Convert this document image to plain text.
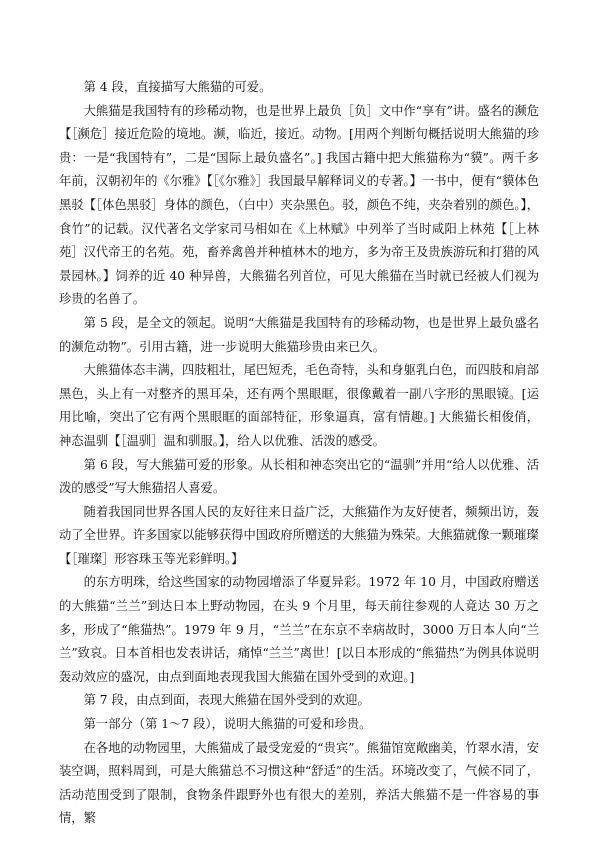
第 4 段，直接描写大熊猫的可爱。

大熊猫是我国特有的珍稀动物，也是世界上最负［负］文中作“享有”讲。盛名的濒危【［濒危］接近危险的境地。濒，临近，接近。动物。[用两个判断句概括说明大熊猫的珍贵：一是“我国特有”，二是“国际上最负盛名”。] 我国古籍中把大熊猫称为“貘”。两千多年前，汉朝初年的《尔雅》【［《尔雅》］我国最早解释词义的专著。】一书中，便有“貘体色黑驳【［体色黑驳］身体的颜色，（白中）夹杂黑色。驳，颜色不纯，夹杂着别的颜色。】，食竹”的记载。汉代著名文学家司马相如在《上林赋》中列举了当时咸阳上林苑【［上林苑］汉代帝王的名苑。苑，畜养禽兽并种植林木的地方，多为帝王及贵族游玩和打猎的风景园林。】饲养的近 40 种异兽，大熊猫名列首位，可见大熊猫在当时就已经被人们视为珍贵的名兽了。

第 5 段，是全文的领起。说明“大熊猫是我国特有的珍稀动物，也是世界上最负盛名的濒危动物”。引用古籍，进一步说明大熊猫珍贵由来已久。

大熊猫体态丰满，四肢粗壮，尾巴短秃，毛色奇特，头和身躯乳白色，而四肢和肩部黑色，头上有一对整齐的黑耳朵，还有两个黑眼眶，很像戴着一副八字形的黑眼镜。[运用比喻，突出了它有两个黑眼眶的面部特征，形象逼真，富有情趣。] 大熊猫长相俊俏，神态温驯【［温驯］温和驯服。】，给人以优雅、活泼的感受。

第 6 段，写大熊猫可爱的形象。从长相和神态突出它的“温驯”并用“给人以优雅、活泼的感受”写大熊猫招人喜爱。

随着我国同世界各国人民的友好往来日益广泛，大熊猫作为友好使者，频频出访，轰动了全世界。许多国家以能够获得中国政府所赠送的大熊猫为殊荣。大熊猫就像一颗璀璨

【［璀璨］形容珠玉等光彩鲜明。】

的东方明珠，给这些国家的动物园增添了华夏异彩。1972 年 10 月，中国政府赠送的大熊猫“兰兰”到达日本上野动物园，在头 9 个月里，每天前往参观的人竟达 30 万之多，形成了“熊猫热”。1979 年 9 月，“兰兰”在东京不幸病故时，3000 万日本人向“兰兰”致哀。日本首相也发表讲话，痛悼“兰兰”离世！[以日本形成的“熊猫热”为例具体说明轰动效应的盛况，由点到面地表现我国大熊猫在国外受到的欢迎。]

第 7 段，由点到面，表现大熊猫在国外受到的欢迎。

第一部分（第 1～7 段），说明大熊猫的可爱和珍贵。

在各地的动物园里，大熊猫成了最受宠爱的“贵宾”。熊猫馆宽敞幽美，竹翠水清，安装空调，照料周到，可是大熊猫总不习惯这种“舒适”的生活。环境改变了，气候不同了，活动范围受到了限制，食物条件跟野外也有很大的差别，养活大熊猫不是一件容易的事情，繁
